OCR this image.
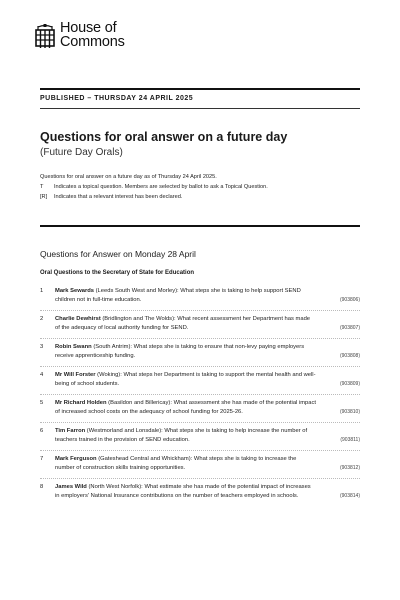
House of
Commons
PUBLISHED – THURSDAY 24 APRIL 2025
Questions for oral answer on a future day
(Future Day Orals)
Questions for oral answer on a future day as of Thursday 24 April 2025.
T	Indicates a topical question. Members are selected by ballot to ask a Topical Question.
[R]	Indicates that a relevant interest has been declared.
Questions for Answer on Monday 28 April
Oral Questions to the Secretary of State for Education
1	Mark Sewards (Leeds South West and Morley): What steps she is taking to help support SEND children not in full-time education.	(903806)
2	Charlie Dewhirst (Bridlington and The Wolds): What recent assessment her Department has made of the adequacy of local authority funding for SEND.	(903807)
3	Robin Swann (South Antrim): What steps she is taking to ensure that non-levy paying employers receive apprenticeship funding.	(903808)
4	Mr Will Forster (Woking): What steps her Department is taking to support the mental health and well-being of school students.	(903809)
5	Mr Richard Holden (Basildon and Billericay): What assessment she has made of the potential impact of increased school costs on the adequacy of school funding for 2025-26.	(903810)
6	Tim Farron (Westmorland and Lonsdale): What steps she is taking to help increase the number of teachers trained in the provision of SEND education.	(903811)
7	Mark Ferguson (Gateshead Central and Whickham): What steps she is taking to increase the number of construction skills training opportunities.	(903812)
8	James Wild (North West Norfolk): What estimate she has made of the potential impact of increases in employers' National Insurance contributions on the number of teachers employed in schools.	(903814)
